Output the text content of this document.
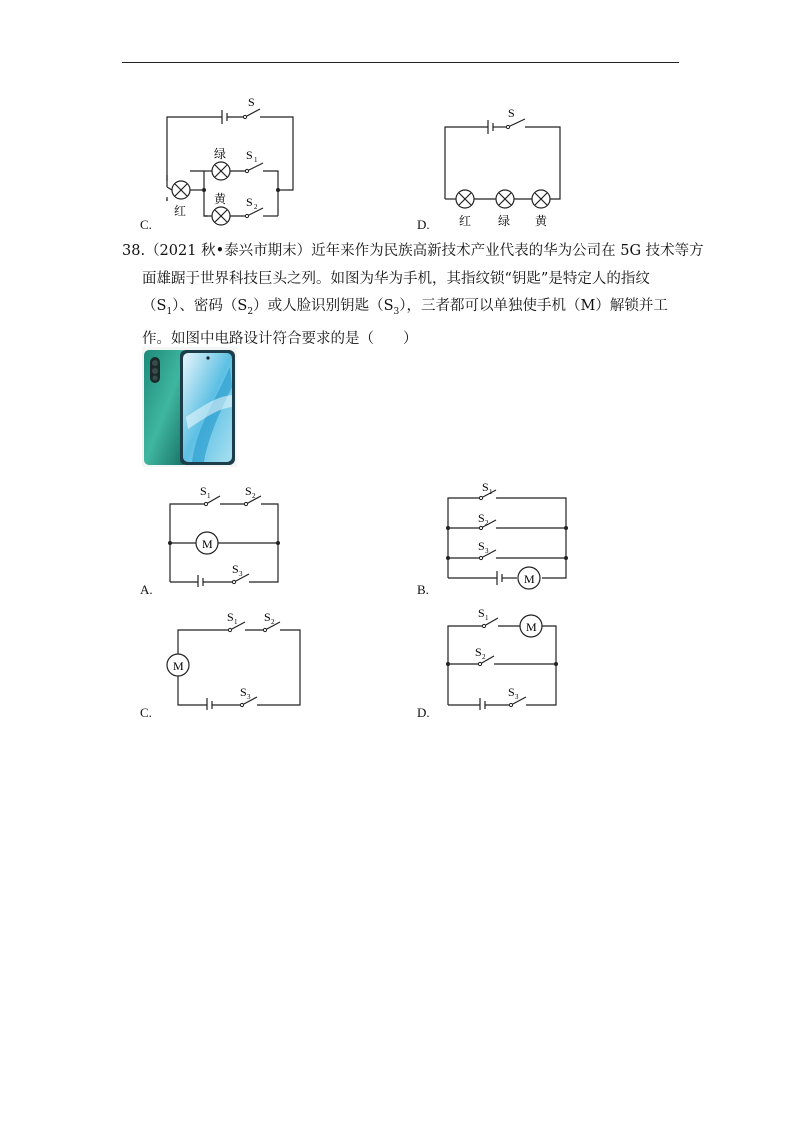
S
S 1
S 2
绿
黄
红
C.
S
红 绿 黄
D.
38.（2021 秋•泰兴市期末）近年来作为民族高新技术产业代表的华为公司在 5G 技术等方
面雄踞于世界科技巨头之列。如图为华为手机，其指纹锁“钥匙”是特定人的指纹
$(S_1)$、密码$(S_2)$或人脸识别钥匙$(S_3)$，三者都可以单独使手机（M）解锁并工
作。如图中电路设计符合要求的是（　　）
M
S 1	S 2
S 3
A.
M
S 1
S 2
S 3
B.
M
S 1 S 2
S 3
C.
M
S 1
S 2
S 3
D.
